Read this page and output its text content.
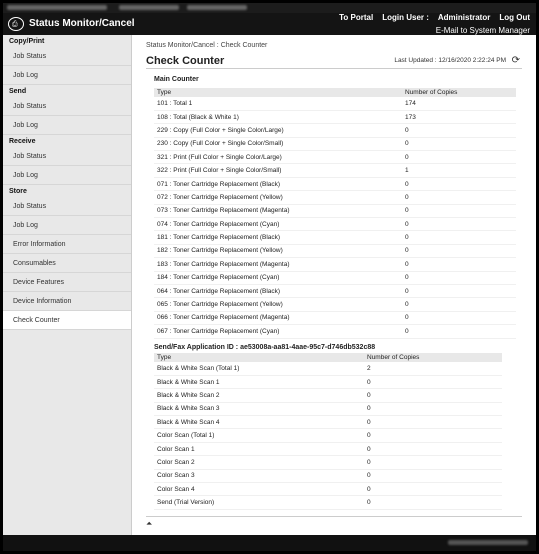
⎙ Status Monitor/Cancel
To Portal Login User : Administrator Log Out
E-Mail to System Manager
Copy/Print
Job Status
Job Log
Send
Job Status
Job Log
Receive
Job Status
Job Log
Store
Job Status
Job Log
Error Information
Consumables
Device Features
Device Information
Check Counter
Status Monitor/Cancel : Check Counter
Check Counter	Last Updated : 12/16/2020 2:22:24 PM ⟳
Main Counter
Type	Number of Copies
101 : Total 1	174
108 : Total (Black & White 1)	173
229 : Copy (Full Color + Single Color/Large)	0
230 : Copy (Full Color + Single Color/Small)	0
321 : Print (Full Color + Single Color/Large)	0
322 : Print (Full Color + Single Color/Small)	1
071 : Toner Cartridge Replacement (Black)	0
072 : Toner Cartridge Replacement (Yellow)	0
073 : Toner Cartridge Replacement (Magenta)	0
074 : Toner Cartridge Replacement (Cyan)	0
181 : Toner Cartridge Replacement (Black)	0
182 : Toner Cartridge Replacement (Yellow)	0
183 : Toner Cartridge Replacement (Magenta)	0
184 : Toner Cartridge Replacement (Cyan)	0
064 : Toner Cartridge Replacement (Black)	0
065 : Toner Cartridge Replacement (Yellow)	0
066 : Toner Cartridge Replacement (Magenta)	0
067 : Toner Cartridge Replacement (Cyan)	0
Send/Fax Application ID : ae53008a-aa81-4aae-95c7-d746db532c88
Type	Number of Copies
Black & White Scan (Total 1)	2
Black & White Scan 1	0
Black & White Scan 2	0
Black & White Scan 3	0
Black & White Scan 4	0
Color Scan (Total 1)	0
Color Scan 1	0
Color Scan 2	0
Color Scan 3	0
Color Scan 4	0
Send (Trial Version)	0
⏶
